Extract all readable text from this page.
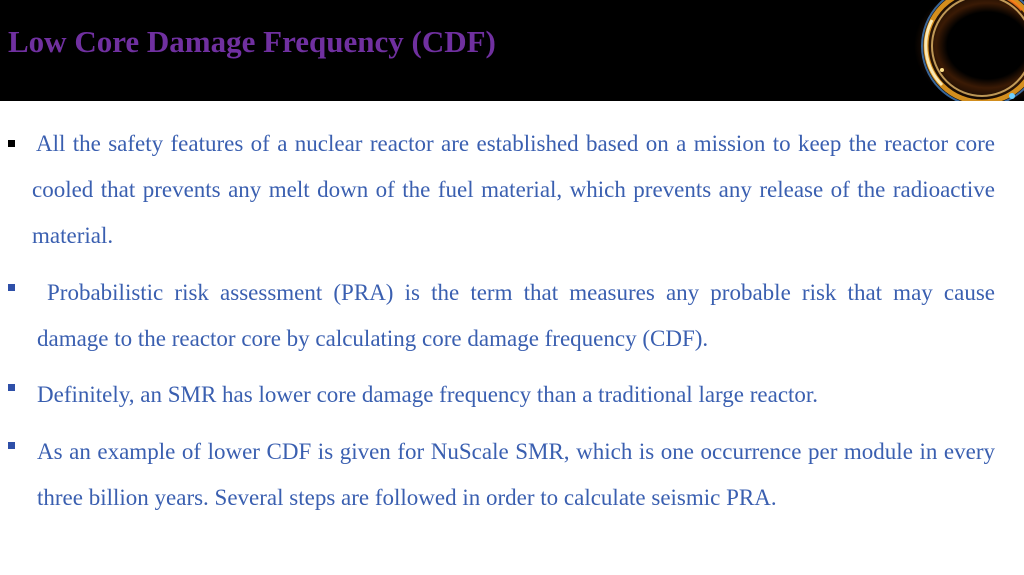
Low Core Damage Frequency (CDF)
All the safety features of a nuclear reactor are established based on a mission to keep the reactor core cooled that prevents any melt down of the fuel material, which prevents any release of the radioactive material.
Probabilistic risk assessment (PRA) is the term that measures any probable risk that may cause damage to the reactor core by calculating core damage frequency (CDF).
Definitely, an SMR has lower core damage frequency than a traditional large reactor.
As an example of lower CDF is given for NuScale SMR, which is one occurrence per module in every three billion years. Several steps are followed in order to calculate seismic PRA.
